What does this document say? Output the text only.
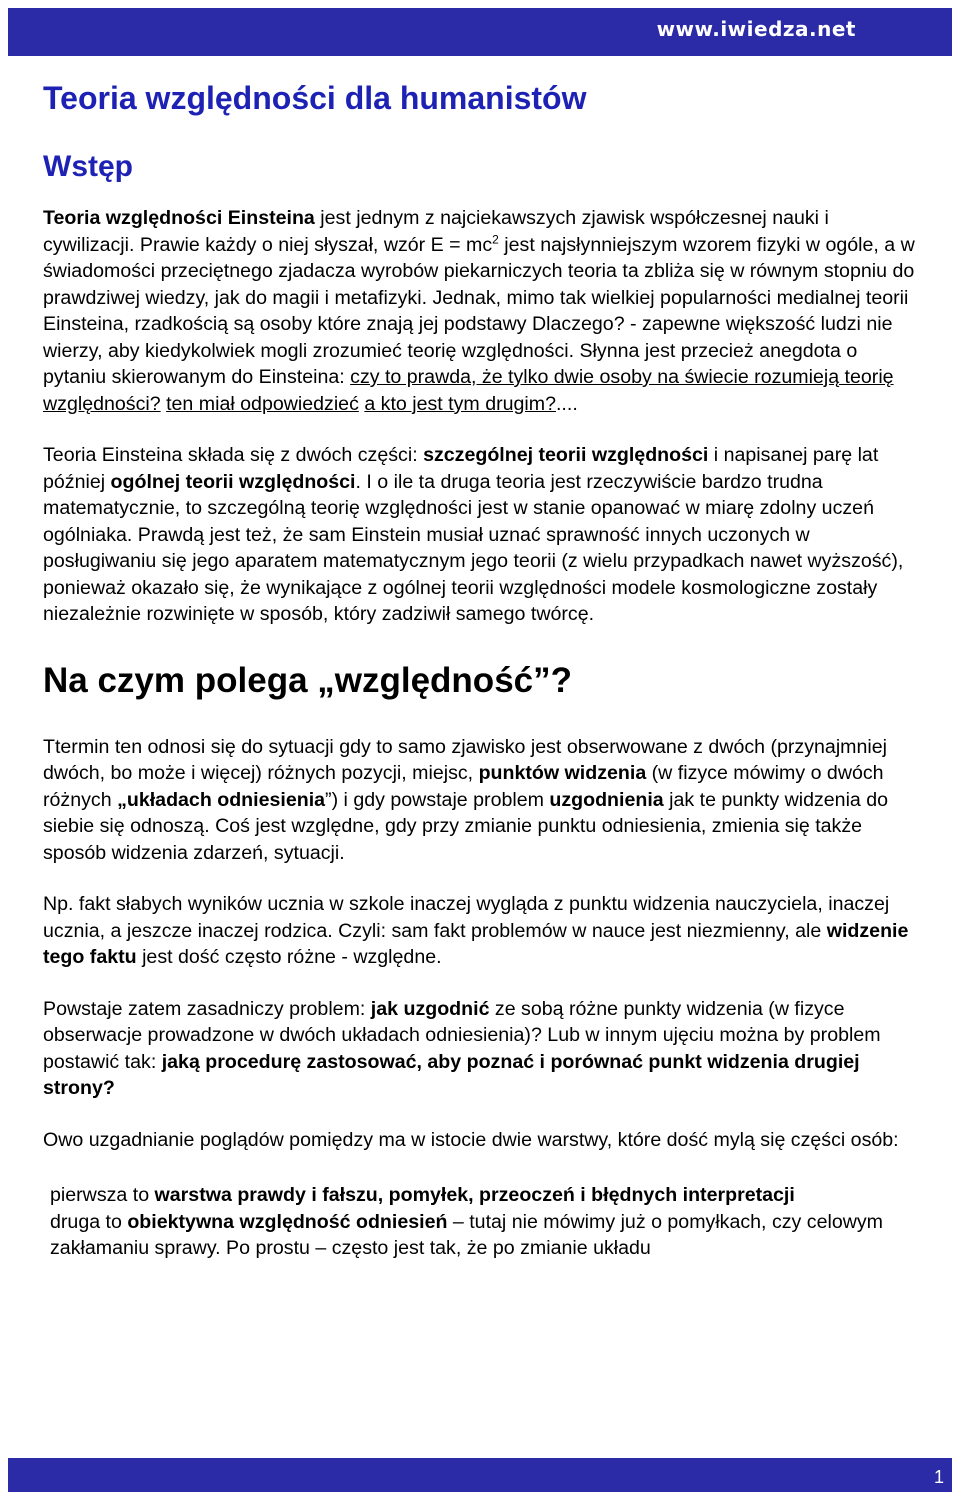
www.iwiedza.net
Teoria względności dla humanistów
Wstęp

Teoria względności Einsteina jest jednym z najciekawszych zjawisk współczesnej nauki i cywilizacji. Prawie każdy o niej słyszał, wzór $E = mc^2$ jest najsłynniejszym wzorem fizyki w ogóle, a w świadomości przeciętnego zjadacza wyrobów piekarniczych teoria ta zbliża się w równym stopniu do prawdziwej wiedzy, jak do magii i metafizyki. Jednak, mimo tak wielkiej popularności medialnej teorii Einsteina, rzadkością są osoby które znają jej podstawy Dlaczego? - zapewne większość ludzi nie wierzy, aby kiedykolwiek mogli zrozumieć teorię względności. Słynna jest przecież anegdota o pytaniu skierowanym do Einsteina: czy to prawda, że tylko dwie osoby na świecie rozumieją teorię względności? ten miał odpowiedzieć a kto jest tym drugim?....

Teoria Einsteina składa się z dwóch części: szczególnej teorii względności i napisanej parę lat później ogólnej teorii względności. I o ile ta druga teoria jest rzeczywiście bardzo trudna matematycznie, to szczególną teorię względności jest w stanie opanować w miarę zdolny uczeń ogólniaka. Prawdą jest też, że sam Einstein musiał uznać sprawność innych uczonych w posługiwaniu się jego aparatem matematycznym jego teorii (z wielu przypadkach nawet wyższość), ponieważ okazało się, że wynikające z ogólnej teorii względności modele kosmologiczne zostały niezależnie rozwinięte w sposób, który zadziwił samego twórcę.

Na czym polega „względność”?

Ttermin ten odnosi się do sytuacji gdy to samo zjawisko jest obserwowane z dwóch (przynajmniej dwóch, bo może i więcej) różnych pozycji, miejsc, punktów widzenia (w fizyce mówimy o dwóch różnych „układach odniesienia”) i gdy powstaje problem uzgodnienia jak te punkty widzenia do siebie się odnoszą. Coś jest względne, gdy przy zmianie punktu odniesienia, zmienia się także sposób widzenia zdarzeń, sytuacji.

Np. fakt słabych wyników ucznia w szkole inaczej wygląda z punktu widzenia nauczyciela, inaczej ucznia, a jeszcze inaczej rodzica. Czyli: sam fakt problemów w nauce jest niezmienny, ale widzenie tego faktu jest dość często różne - względne.

Powstaje zatem zasadniczy problem: jak uzgodnić ze sobą różne punkty widzenia (w fizyce obserwacje prowadzone w dwóch układach odniesienia)? Lub w innym ujęciu można by problem postawić tak: jaką procedurę zastosować, aby poznać i porównać punkt widzenia drugiej strony?

Owo uzgadnianie poglądów pomiędzy ma w istocie dwie warstwy, które dość mylą się części osób:

pierwsza to warstwa prawdy i fałszu, pomyłek, przeoczeń i błędnych interpretacji

druga to obiektywna względność odniesień – tutaj nie mówimy już o pomyłkach, czy celowym zakłamaniu sprawy. Po prostu – często jest tak, że po zmianie układu

1
